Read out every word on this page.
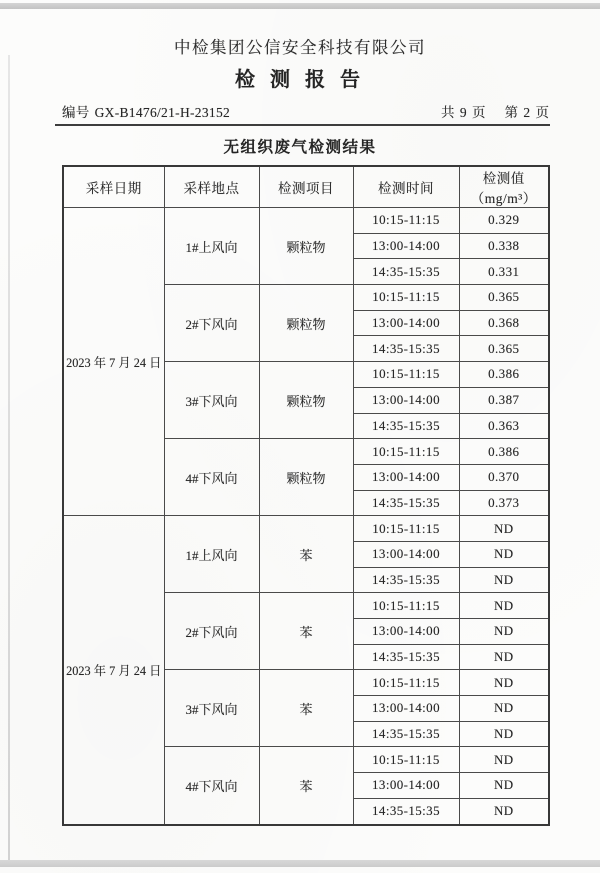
中检集团公信安全科技有限公司
检 测 报 告
编号 GX-B1476/21-H-23152	共 9 页 第 2 页
无组织废气检测结果
采样日期	采样地点	检测项目	检测时间	检测值（mg/m³）
2023 年 7 月 24 日	1#上风向	颗粒物	10:15-11:15	0.329
			13:00-14:00	0.338
			14:35-15:35	0.331
	2#下风向	颗粒物	10:15-11:15	0.365
			13:00-14:00	0.368
			14:35-15:35	0.365
	3#下风向	颗粒物	10:15-11:15	0.386
			13:00-14:00	0.387
			14:35-15:35	0.363
	4#下风向	颗粒物	10:15-11:15	0.386
			13:00-14:00	0.370
			14:35-15:35	0.373
2023 年 7 月 24 日	1#上风向	苯	10:15-11:15	ND
			13:00-14:00	ND
			14:35-15:35	ND
	2#下风向	苯	10:15-11:15	ND
			13:00-14:00	ND
			14:35-15:35	ND
	3#下风向	苯	10:15-11:15	ND
			13:00-14:00	ND
			14:35-15:35	ND
	4#下风向	苯	10:15-11:15	ND
			13:00-14:00	ND
			14:35-15:35	ND
